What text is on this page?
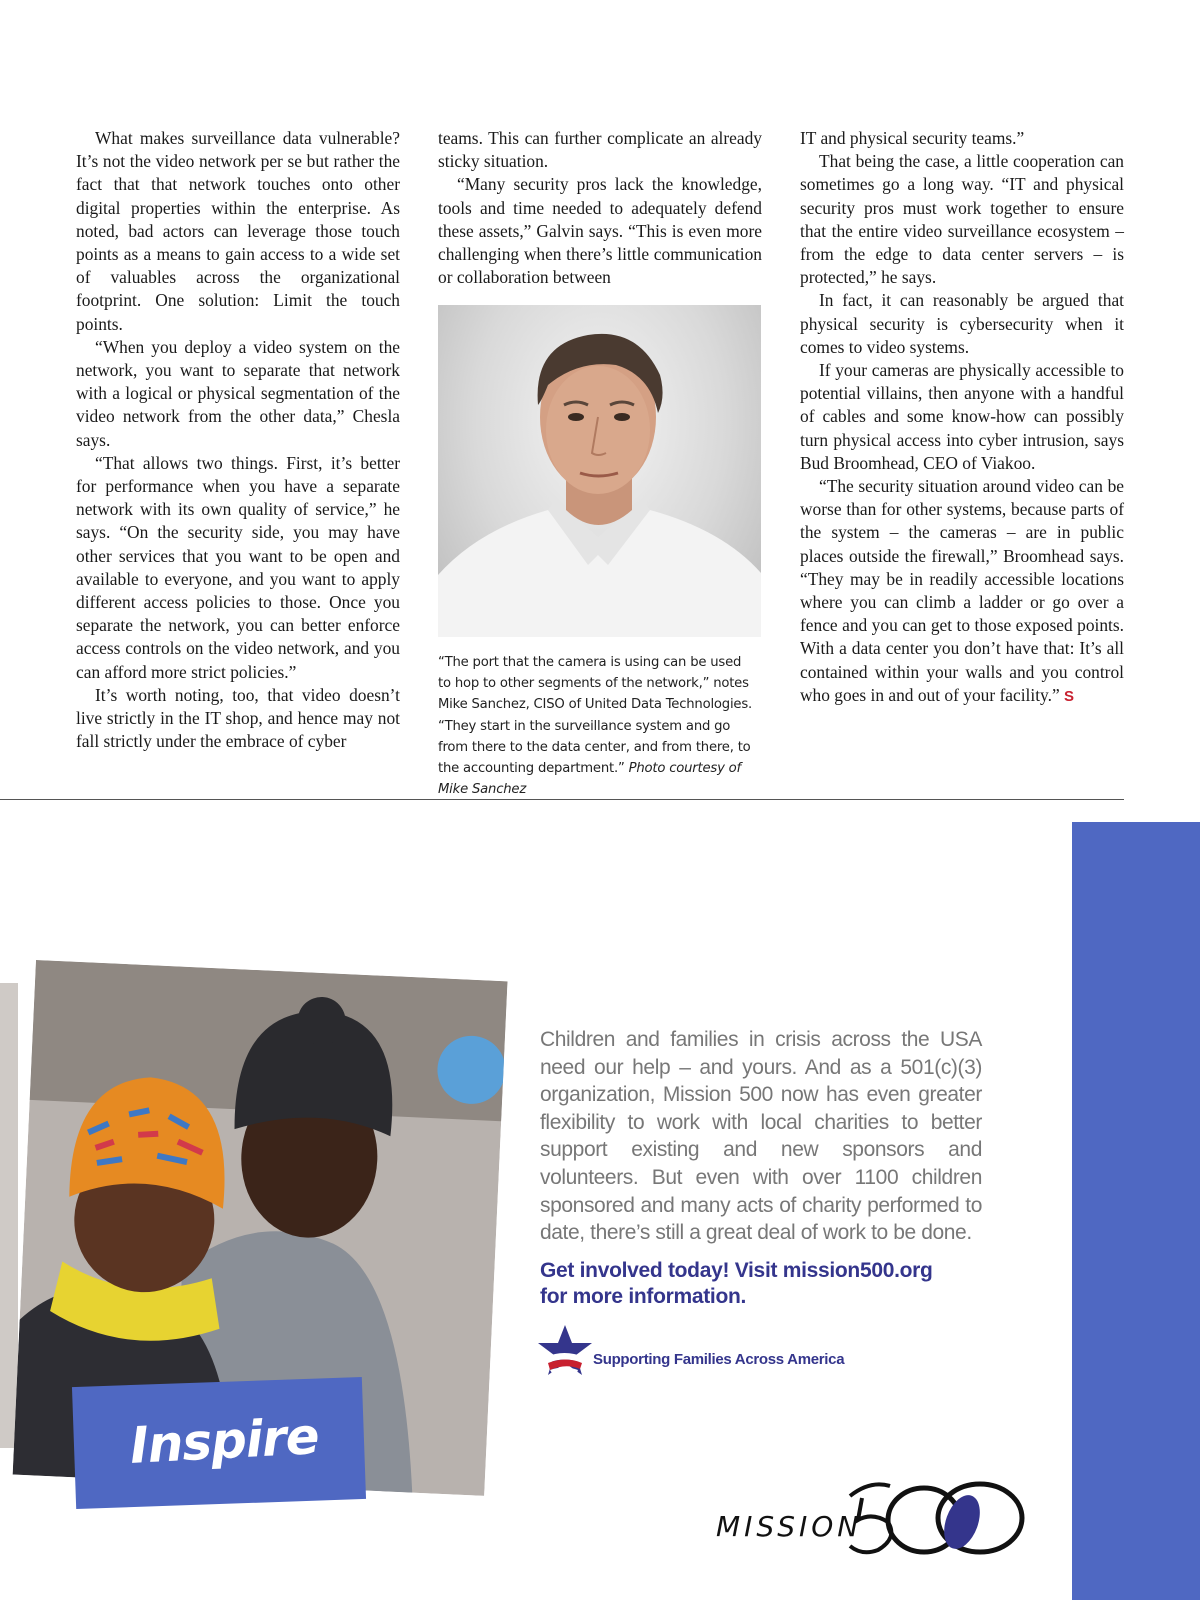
What makes surveillance data vulnerable? It’s not the video network per se but rather the fact that that network touches onto other digital properties within the enterprise. As noted, bad actors can leverage those touch points as a means to gain access to a wide set of valuables across the organizational footprint. One solution: Limit the touch points.

“When you deploy a video system on the network, you want to separate that network with a logical or physical segmentation of the video network from the other data,” Chesla says.

“That allows two things. First, it’s better for performance when you have a separate network with its own quality of service,” he says. “On the security side, you may have other services that you want to be open and available to everyone, and you want to apply different access policies to those. Once you separate the network, you can better enforce access controls on the video network, and you can afford more strict policies.”

It’s worth noting, too, that video doesn’t live strictly in the IT shop, and hence may not fall strictly under the embrace of cyber

teams. This can further complicate an already sticky situation.

“Many security pros lack the knowledge, tools and time needed to adequately defend these assets,” Galvin says. “This is even more challenging when there’s little communication or collaboration between

“The port that the camera is using can be used to hop to other segments of the network,” notes Mike Sanchez, CISO of United Data Technologies. “They start in the surveillance system and go from there to the data center, and from there, to the accounting department.” Photo courtesy of Mike Sanchez

IT and physical security teams.”

That being the case, a little cooperation can sometimes go a long way. “IT and physical security pros must work together to ensure that the entire video surveillance ecosystem – from the edge to data center servers – is protected,” he says.

In fact, it can reasonably be argued that physical security is cybersecurity when it comes to video systems.

If your cameras are physically accessible to potential villains, then anyone with a handful of cables and some know-how can possibly turn physical access into cyber intrusion, says Bud Broomhead, CEO of Viakoo.

“The security situation around video can be worse than for other systems, because parts of the system – the cameras – are in public places outside the firewall,” Broomhead says. “They may be in readily accessible locations where you can climb a ladder or go over a fence and you can get to those exposed points. With a data center you don’t have that: It’s all contained within your walls and you control who goes in and out of your facility.” S

Inspire
Children and families in crisis across the USA need our help – and yours. And as a 501(c)(3) organization, Mission 500 now has even greater flexibility to work with local charities to better support existing and new sponsors and volunteers. But even with over 1100 children sponsored and many acts of charity performed to date, there’s still a great deal of work to be done.
Get involved today! Visit mission500.org
for more information.
Supporting Families Across America
MISSION
